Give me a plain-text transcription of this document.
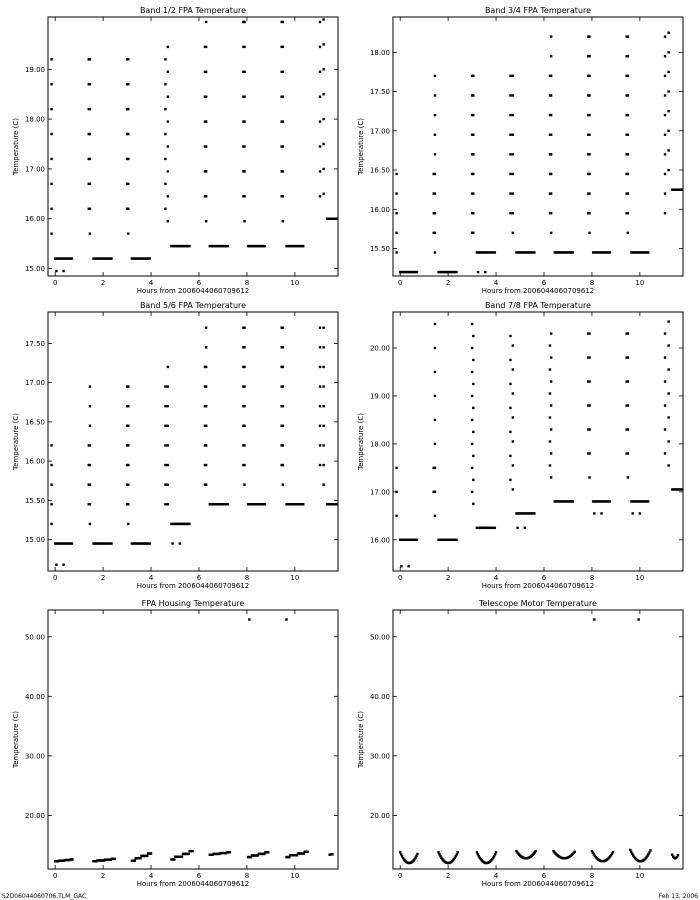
Band 1/2 FPA Temperature
0	2	4	6	8	10
15.00
16.00
17.00
18.00
19.00
Hours from 2006044060709612
Temperature (C)
Band 3/4 FPA Temperature
0	2	4	6	8	10
15.50
16.00
16.50
17.00
17.50
18.00
Hours from 2006044060709612
Temperature (C)
Band 5/6 FPA Temperature
0	2	4	6	8	10
15.00
15.50
16.00
16.50
17.00
17.50
Hours from 2006044060709612
Temperature (C)
Band 7/8 FPA Temperature
0	2	4	6	8	10
16.00
17.00
18.00
19.00
20.00
Hours from 2006044060709612
Temperature (C)
FPA Housing Temperature
0	2	4	6	8	10
20.00
30.00
40.00
50.00
Hours from 2006044060709612
Temperature (C)
Telescope Motor Temperature
0	2	4	6	8	10
20.00
30.00
40.00
50.00
Hours from 2006044060709612
Temperature (C)
S2D06044060706.TLM_GAC	Feb 13, 2006
